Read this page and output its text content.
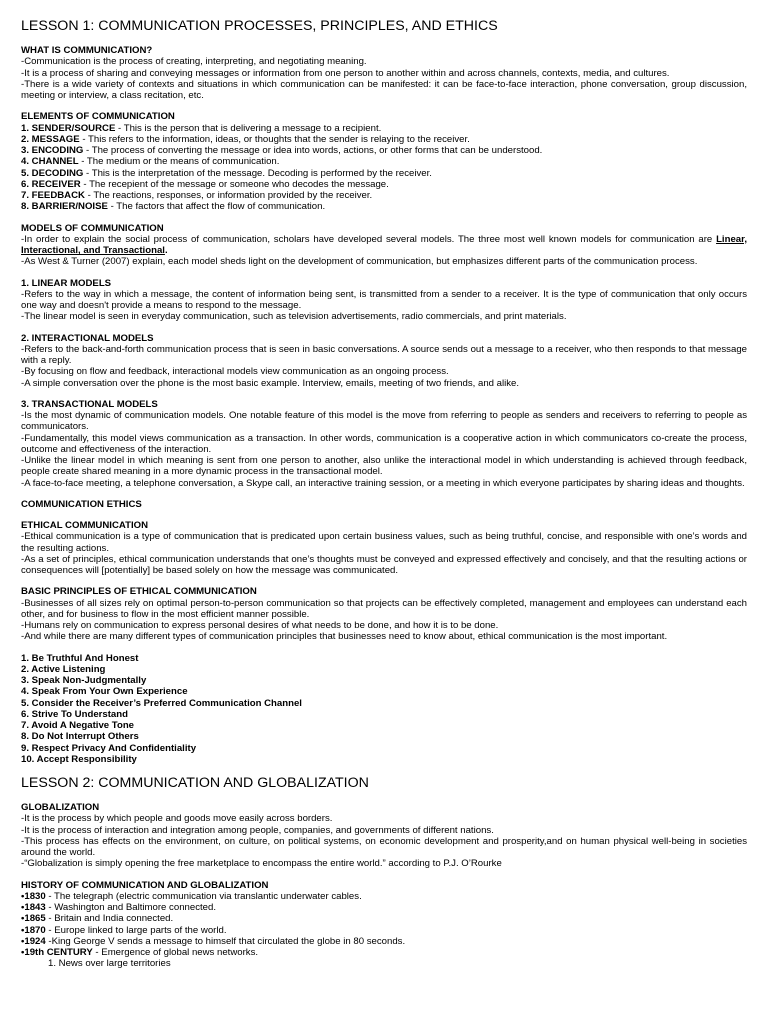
LESSON 1: COMMUNICATION PROCESSES, PRINCIPLES, AND ETHICS
WHAT IS COMMUNICATION?

-Communication is the process of creating, interpreting, and negotiating meaning.

-It is a process of sharing and conveying messages or information from one person to another within and across channels, contexts, media, and cultures.

-There is a wide variety of contexts and situations in which communication can be manifested: it can be face-to-face interaction, phone conversation, group discussion, meeting or interview, a class recitation, etc.

ELEMENTS OF COMMUNICATION

1. SENDER/SOURCE - This is the person that is delivering a message to a recipient.

2. MESSAGE - This refers to the information, ideas, or thoughts that the sender is relaying to the receiver.

3. ENCODING - The process of converting the message or idea into words, actions, or other forms that can be understood.

4. CHANNEL - The medium or the means of communication.

5. DECODING - This is the interpretation of the message. Decoding is performed by the receiver.

6. RECEIVER - The recepient of the message or someone who decodes the message.

7. FEEDBACK - The reactions, responses, or information provided by the receiver.

8. BARRIER/NOISE - The factors that affect the flow of communication.

MODELS OF COMMUNICATION

-In order to explain the social process of communication, scholars have developed several models. The three most well known models for communication are Linear, Interactional, and Transactional.

-As West & Turner (2007) explain, each model sheds light on the development of communication, but emphasizes different parts of the communication process.

1. LINEAR MODELS

-Refers to the way in which a message, the content of information being sent, is transmitted from a sender to a receiver. It is the type of communication that only occurs one way and doesn't provide a means to respond to the message.

-The linear model is seen in everyday communication, such as television advertisements, radio commercials, and print materials.

2. INTERACTIONAL MODELS

-Refers to the back-and-forth communication process that is seen in basic conversations. A source sends out a message to a receiver, who then responds to that message with a reply.

-By focusing on flow and feedback, interactional models view communication as an ongoing process.

-A simple conversation over the phone is the most basic example. Interview, emails, meeting of two friends, and alike.

3. TRANSACTIONAL MODELS

-Is the most dynamic of communication models. One notable feature of this model is the move from referring to people as senders and receivers to referring to people as communicators.

-Fundamentally, this model views communication as a transaction. In other words, communication is a cooperative action in which communicators co-create the process, outcome and effectiveness of the interaction.

-Unlike the linear model in which meaning is sent from one person to another, also unlike the interactional model in which understanding is achieved through feedback, people create shared meaning in a more dynamic process in the transactional model.

-A face-to-face meeting, a telephone conversation, a Skype call, an interactive training session, or a meeting in which everyone participates by sharing ideas and thoughts.

COMMUNICATION ETHICS
ETHICAL COMMUNICATION

-Ethical communication is a type of communication that is predicated upon certain business values, such as being truthful, concise, and responsible with one’s words and the resulting actions.

-As a set of principles, ethical communication understands that one’s thoughts must be conveyed and expressed effectively and concisely, and that the resulting actions or consequences will [potentially] be based solely on how the message was communicated.

BASIC PRINCIPLES OF ETHICAL COMMUNICATION

-Businesses of all sizes rely on optimal person-to-person communication so that projects can be effectively completed, management and employees can understand each other, and for business to flow in the most efficient manner possible.

-Humans rely on communication to express personal desires of what needs to be done, and how it is to be done.

-And while there are many different types of communication principles that businesses need to know about, ethical communication is the most important.

1. Be Truthful And Honest

2. Active Listening

3. Speak Non-Judgmentally

4. Speak From Your Own Experience

5. Consider the Receiver’s Preferred Communication Channel

6. Strive To Understand

7. Avoid A Negative Tone

8. Do Not Interrupt Others

9. Respect Privacy And Confidentiality

10. Accept Responsibility

LESSON 2: COMMUNICATION AND GLOBALIZATION
GLOBALIZATION

-It is the process by which people and goods move easily across borders.

-It is the process of interaction and integration among people, companies, and governments of different nations.

-This process has effects on the environment, on culture, on political systems, on economic development and prosperity,and on human physical well-being in societies around the world.

-“Globalization is simply opening the free marketplace to encompass the entire world.” according to P.J. O’Rourke

HISTORY OF COMMUNICATION AND GLOBALIZATION

•1830 - The telegraph (electric communication via translantic underwater cables.

•1843 - Washington and Baltimore connected.

•1865 - Britain and India connected.

•1870 - Europe linked to large parts of the world.

•1924 -King George V sends a message to himself that circulated the globe in 80 seconds.

•19th CENTURY - Emergence of global news networks.

1. News over large territories
